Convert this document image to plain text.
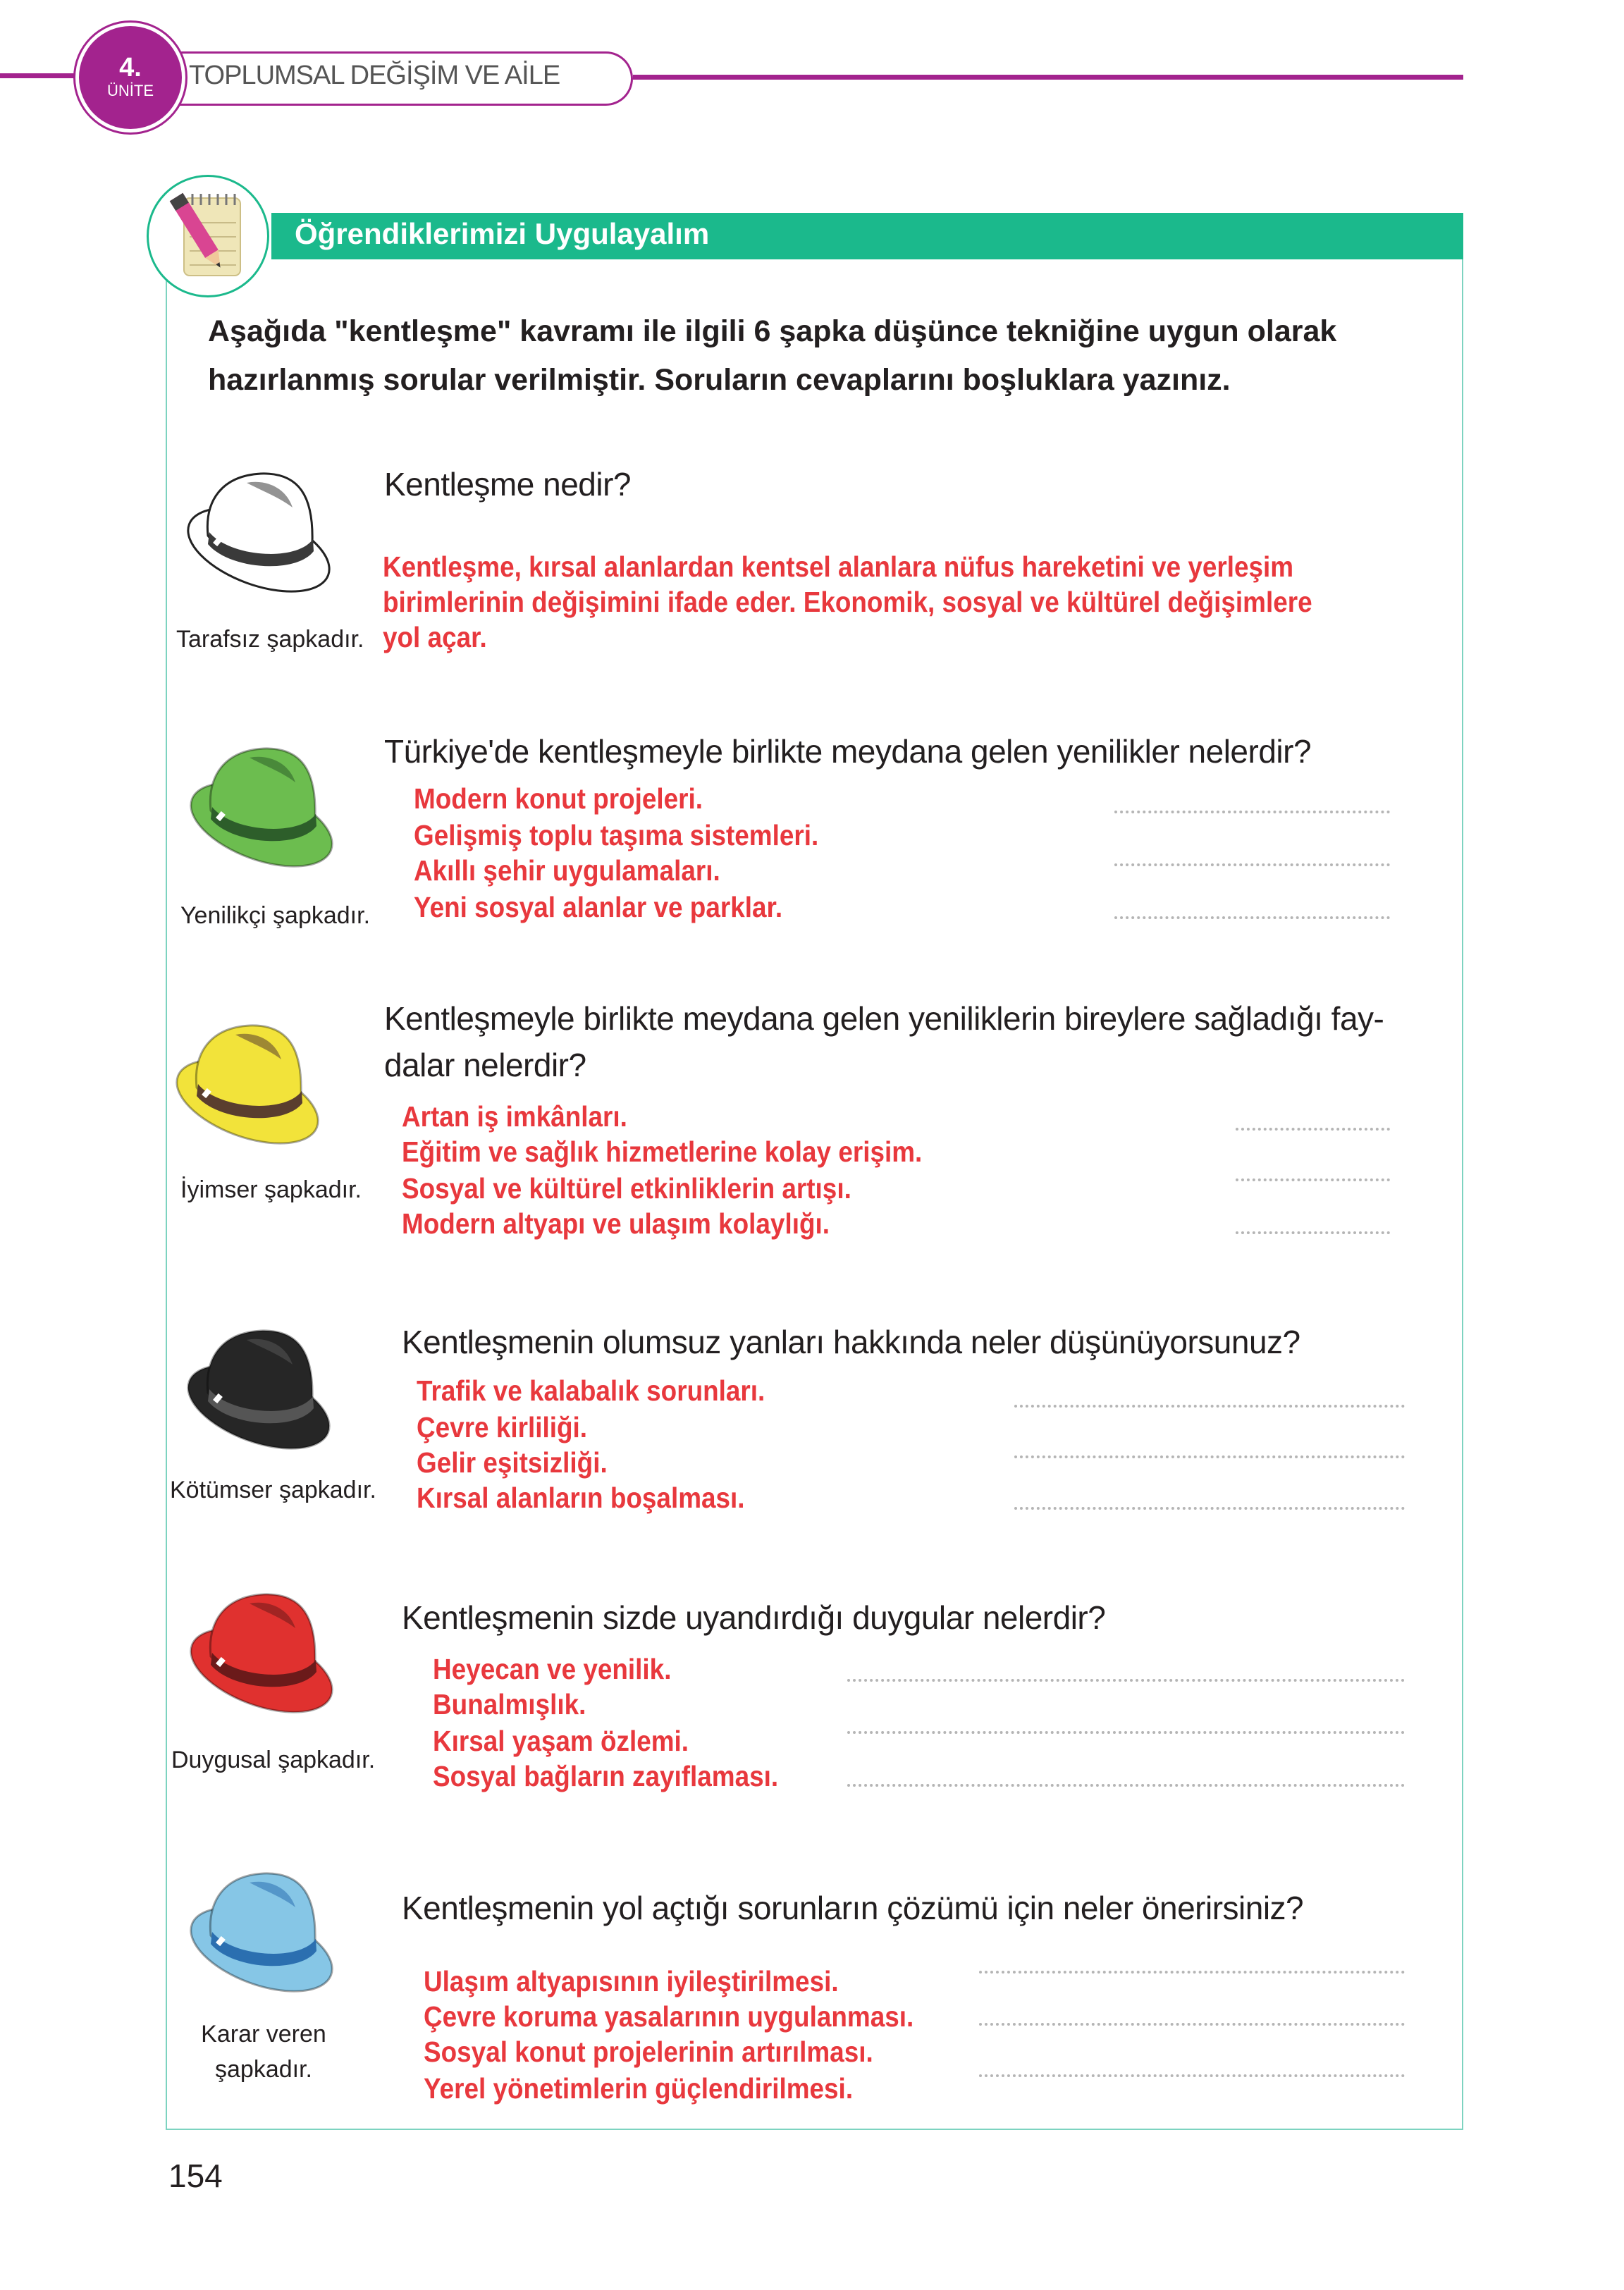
4.
ÜNİTE
TOPLUMSAL DEĞİŞİM VE AİLE
Öğrendiklerimizi Uygulayalım
Aşağıda "kentleşme" kavramı ile ilgili 6 şapka düşünce tekniğine uygun olarak
hazırlanmış sorular verilmiştir. Soruların cevaplarını boşluklara yazınız.
Tarafsız şapkadır.
Kentleşme nedir?
Kentleşme, kırsal alanlardan kentsel alanlara nüfus hareketini ve yerleşim
birimlerinin değişimini ifade eder. Ekonomik, sosyal ve kültürel değişimlere
yol açar.
Yenilikçi şapkadır.
Türkiye'de kentleşmeyle birlikte meydana gelen yenilikler nelerdir?
Modern konut projeleri.
Gelişmiş toplu taşıma sistemleri.
Akıllı şehir uygulamaları.
Yeni sosyal alanlar ve parklar.
İyimser şapkadır.
Kentleşmeyle birlikte meydana gelen yeniliklerin bireylere sağladığı fay-
dalar nelerdir?
Artan iş imkânları.
Eğitim ve sağlık hizmetlerine kolay erişim.
Sosyal ve kültürel etkinliklerin artışı.
Modern altyapı ve ulaşım kolaylığı.
Kötümser şapkadır.
Kentleşmenin olumsuz yanları hakkında neler düşünüyorsunuz?
Trafik ve kalabalık sorunları.
Çevre kirliliği.
Gelir eşitsizliği.
Kırsal alanların boşalması.
Duygusal şapkadır.
Kentleşmenin sizde uyandırdığı duygular nelerdir?
Heyecan ve yenilik.
Bunalmışlık.
Kırsal yaşam özlemi.
Sosyal bağların zayıflaması.
Karar veren
şapkadır.
Kentleşmenin yol açtığı sorunların çözümü için neler önerirsiniz?
Ulaşım altyapısının iyileştirilmesi.
Çevre koruma yasalarının uygulanması.
Sosyal konut projelerinin artırılması.
Yerel yönetimlerin güçlendirilmesi.
154
